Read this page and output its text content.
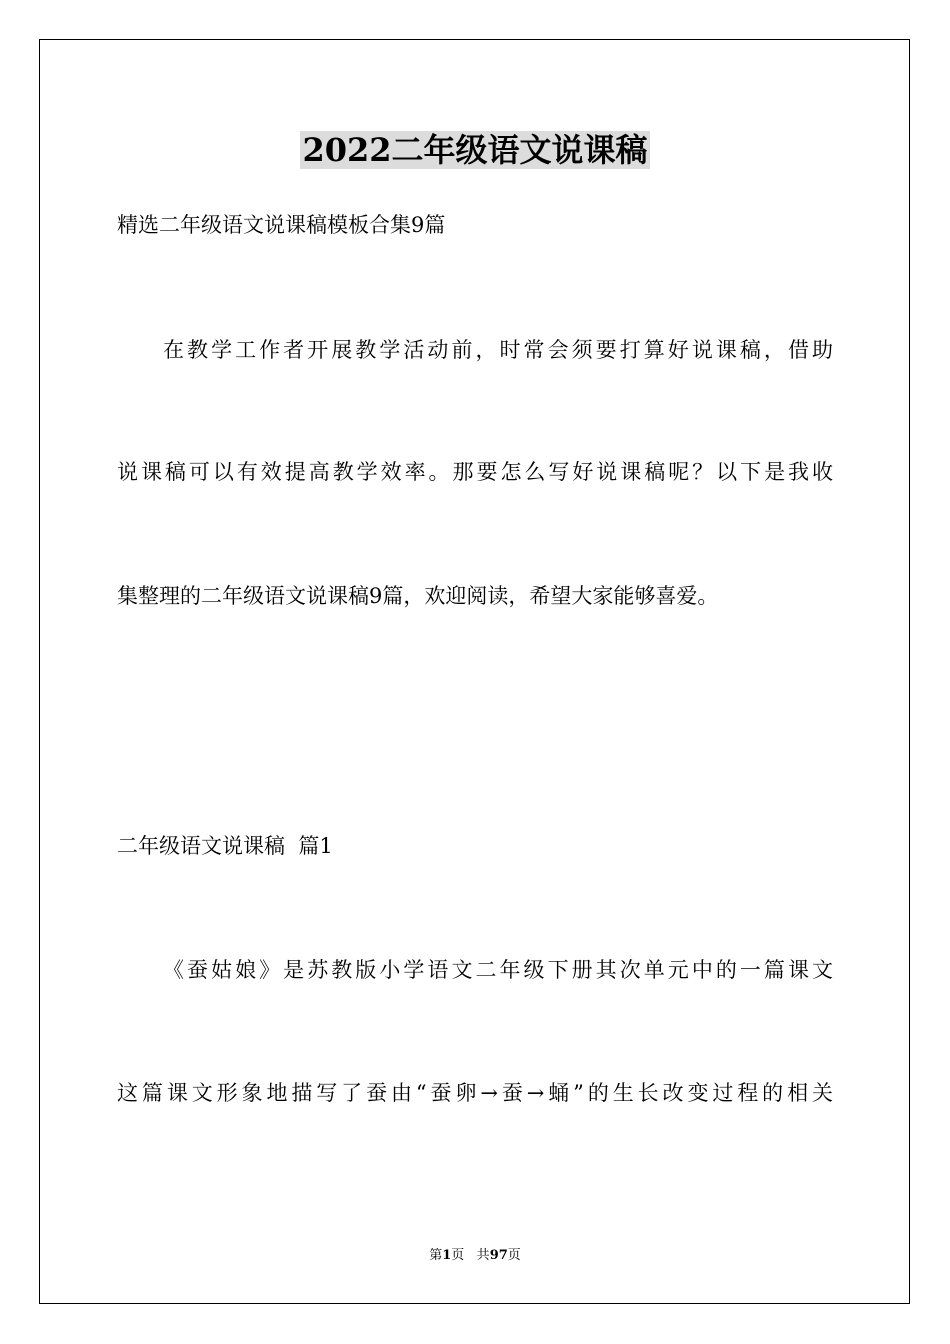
2022二年级语文说课稿
精选二年级语文说课稿模板合集9篇
在教学工作者开展教学活动前，时常会须要打算好说课稿，借助
说课稿可以有效提高教学效率。那要怎么写好说课稿呢？以下是我收
集整理的二年级语文说课稿9篇，欢迎阅读，希望大家能够喜爱。
二年级语文说课稿  篇1
《蚕姑娘》是苏教版小学语文二年级下册其次单元中的一篇课文
这篇课文形象地描写了蚕由“蚕卵→蚕→蛹”的生长改变过程的相关
第1页 共97页
